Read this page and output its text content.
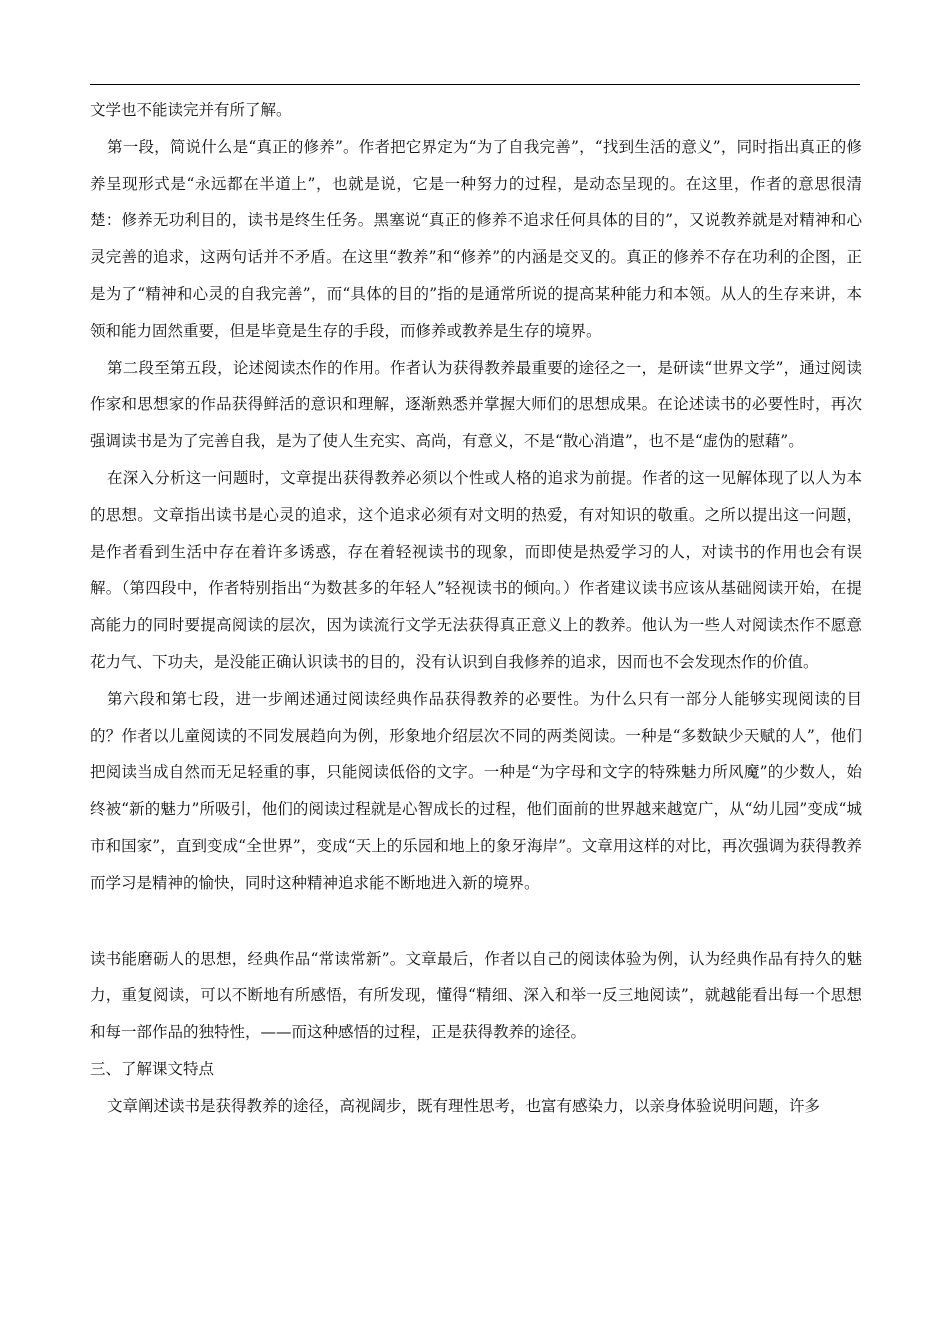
文学也不能读完并有所了解。

第一段，简说什么是“真正的修养”。作者把它界定为“为了自我完善”，“找到生活的意义”，同时指出真正的修养呈现形式是“永远都在半道上”，也就是说，它是一种努力的过程，是动态呈现的。在这里，作者的意思很清楚：修养无功利目的，读书是终生任务。黑塞说“真正的修养不追求任何具体的目的”，又说教养就是对精神和心灵完善的追求，这两句话并不矛盾。在这里“教养”和“修养”的内涵是交叉的。真正的修养不存在功利的企图，正是为了“精神和心灵的自我完善”，而“具体的目的”指的是通常所说的提高某种能力和本领。从人的生存来讲，本领和能力固然重要，但是毕竟是生存的手段，而修养或教养是生存的境界。

第二段至第五段，论述阅读杰作的作用。作者认为获得教养最重要的途径之一，是研读“世界文学”，通过阅读作家和思想家的作品获得鲜活的意识和理解，逐渐熟悉并掌握大师们的思想成果。在论述读书的必要性时，再次强调读书是为了完善自我，是为了使人生充实、高尚，有意义，不是“散心消遣”，也不是“虚伪的慰藉”。

在深入分析这一问题时，文章提出获得教养必须以个性或人格的追求为前提。作者的这一见解体现了以人为本的思想。文章指出读书是心灵的追求，这个追求必须有对文明的热爱，有对知识的敬重。之所以提出这一问题，是作者看到生活中存在着许多诱惑，存在着轻视读书的现象，而即使是热爱学习的人，对读书的作用也会有误解。（第四段中，作者特别指出“为数甚多的年轻人”轻视读书的倾向。）作者建议读书应该从基础阅读开始，在提高能力的同时要提高阅读的层次，因为读流行文学无法获得真正意义上的教养。他认为一些人对阅读杰作不愿意花力气、下功夫，是没能正确认识读书的目的，没有认识到自我修养的追求，因而也不会发现杰作的价值。

第六段和第七段，进一步阐述通过阅读经典作品获得教养的必要性。为什么只有一部分人能够实现阅读的目的？作者以儿童阅读的不同发展趋向为例，形象地介绍层次不同的两类阅读。一种是“多数缺少天赋的人”，他们把阅读当成自然而无足轻重的事，只能阅读低俗的文字。一种是“为字母和文字的特殊魅力所风魔”的少数人，始终被“新的魅力”所吸引，他们的阅读过程就是心智成长的过程，他们面前的世界越来越宽广，从“幼儿园”变成“城市和国家”，直到变成“全世界”，变成“天上的乐园和地上的象牙海岸”。文章用这样的对比，再次强调为获得教养而学习是精神的愉快，同时这种精神追求能不断地进入新的境界。

读书能磨砺人的思想，经典作品“常读常新”。文章最后，作者以自己的阅读体验为例，认为经典作品有持久的魅力，重复阅读，可以不断地有所感悟，有所发现，懂得“精细、深入和举一反三地阅读”，就越能看出每一个思想和每一部作品的独特性，——而这种感悟的过程，正是获得教养的途径。

三、了解课文特点

文章阐述读书是获得教养的途径，高视阔步，既有理性思考，也富有感染力，以亲身体验说明问题，许多
